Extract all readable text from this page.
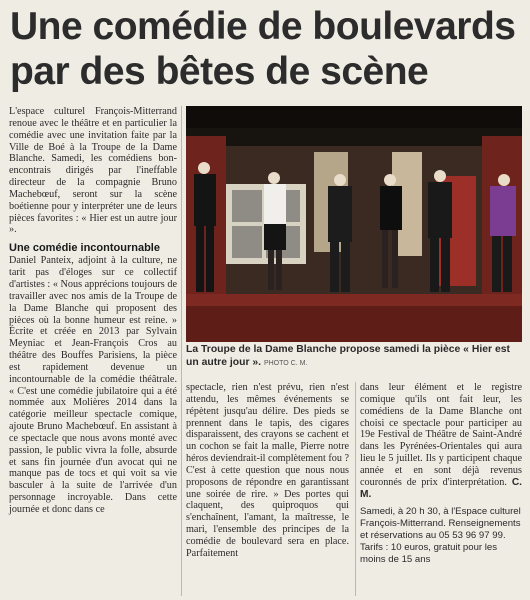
Une comédie de boulevards
par des bêtes de scène

L'espace culturel François-Mitterrand renoue avec le théâtre et en particulier la comédie avec une invitation faite par la Ville de Boé à la Troupe de la Dame Blanche. Samedi, les comédiens bon-encontrais dirigés par l'ineffable directeur de la compagnie Bruno Machebœuf, seront sur la scène boétienne pour y interpréter une de leurs pièces favorites : « Hier est un autre jour ».

Une comédie incontournable

Daniel Panteix, adjoint à la culture, ne tarit pas d'éloges sur ce collectif d'artistes : « Nous apprécions toujours de travailler avec nos amis de la Troupe de la Dame Blanche qui proposent des pièces où la bonne humeur est reine. » Écrite et créée en 2013 par Sylvain Meyniac et Jean-François Cros au théâtre des Bouffes Parisiens, la pièce est rapidement devenue un incontournable de la comédie théâtrale. « C'est une comédie jubilatoire qui a été nommée aux Molières 2014 dans la catégorie meilleur spectacle comique, ajoute Bruno Machebœuf. En assistant à ce spectacle que nous avons monté avec passion, le public vivra la folle, absurde et sans fin journée d'un avocat qui ne manque pas de tocs et qui voit sa vie basculer à la suite de l'arrivée d'un personnage incroyable. Dans cette journée et donc dans ce

La Troupe de la Dame Blanche propose samedi la pièce « Hier est un autre jour ». PHOTO C. M.

spectacle, rien n'est prévu, rien n'est attendu, les mêmes événements se répètent jusqu'au délire. Des pieds se prennent dans le tapis, des cigares disparaissent, des crayons se cachent et un cochon se fait la malle, Pierre notre héros deviendrait-il complètement fou ? C'est à cette question que nous nous proposons de répondre en garantissant une soirée de rire. » Des portes qui claquent, des quiproquos qui s'enchaînent, l'amant, la maîtresse, le mari, l'ensemble des principes de la comédie de boulevard sera en place. Parfaitement

dans leur élément et le registre comique qu'ils ont fait leur, les comédiens de la Dame Blanche ont choisi ce spectacle pour participer au 19e Festival de Théâtre de Saint-André dans les Pyrénées-Orientales qui aura lieu le 5 juillet. Ils y participent chaque année et en sont déjà revenus couronnés de prix d'interprétation. C. M.

Samedi, à 20 h 30, à l'Espace culturel François-Mitterrand. Renseignements et réservations au 05 53 96 97 99. Tarifs : 10 euros, gratuit pour les moins de 15 ans
